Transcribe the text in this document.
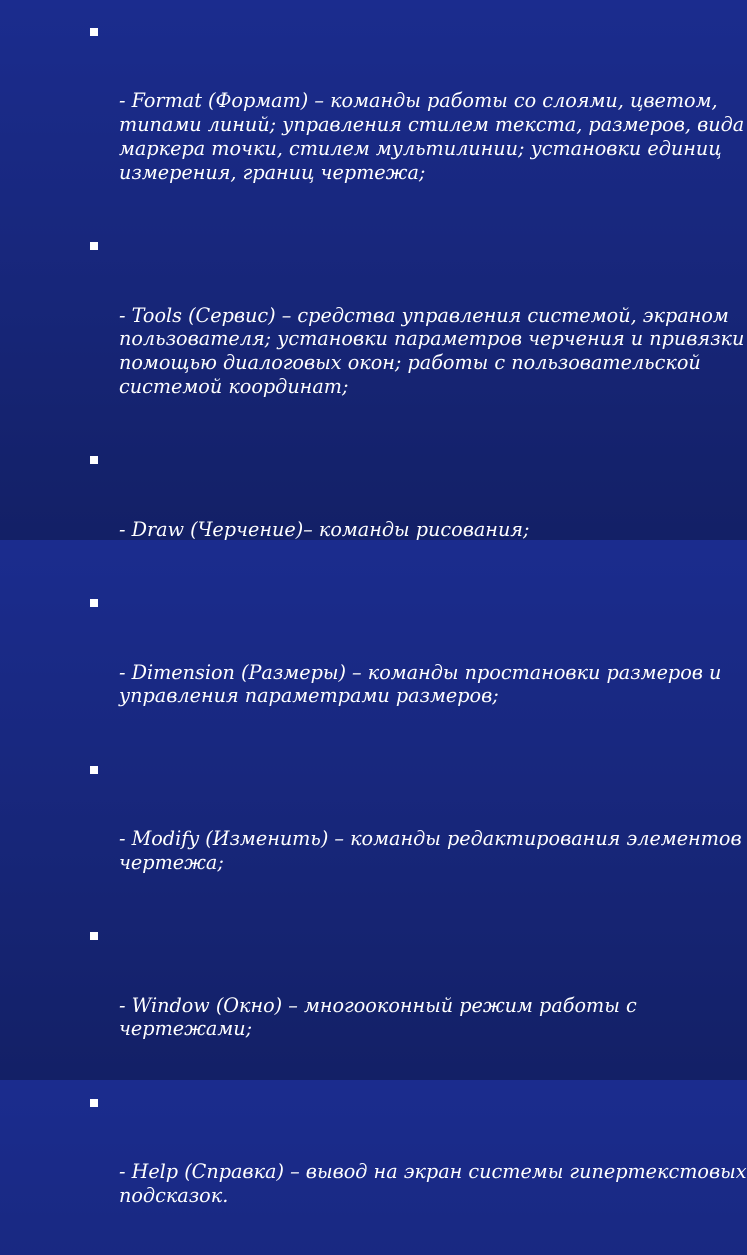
- Format (Формат) – команды работы со слоями, цветом,
типами линий; управления стилем текста, размеров, вида
маркера точки, стилем мультилинии; установки единиц
измерения, границ чертежа;

- Tools (Сервис) – средства управления системой, экраном
пользователя; установки параметров черчения и привязки
помощью диалоговых окон; работы с пользовательской
системой координат;

- Draw (Черчение)– команды рисования;

- Dimension (Размеры) – команды простановки размеров и
управления параметрами размеров;

- Modify (Изменить) – команды редактирования элементов
чертежа;

- Window (Окно) – многооконный режим работы с
чертежами;

- Help (Справка) – вывод на экран системы гипертекстовых
подсказок.
